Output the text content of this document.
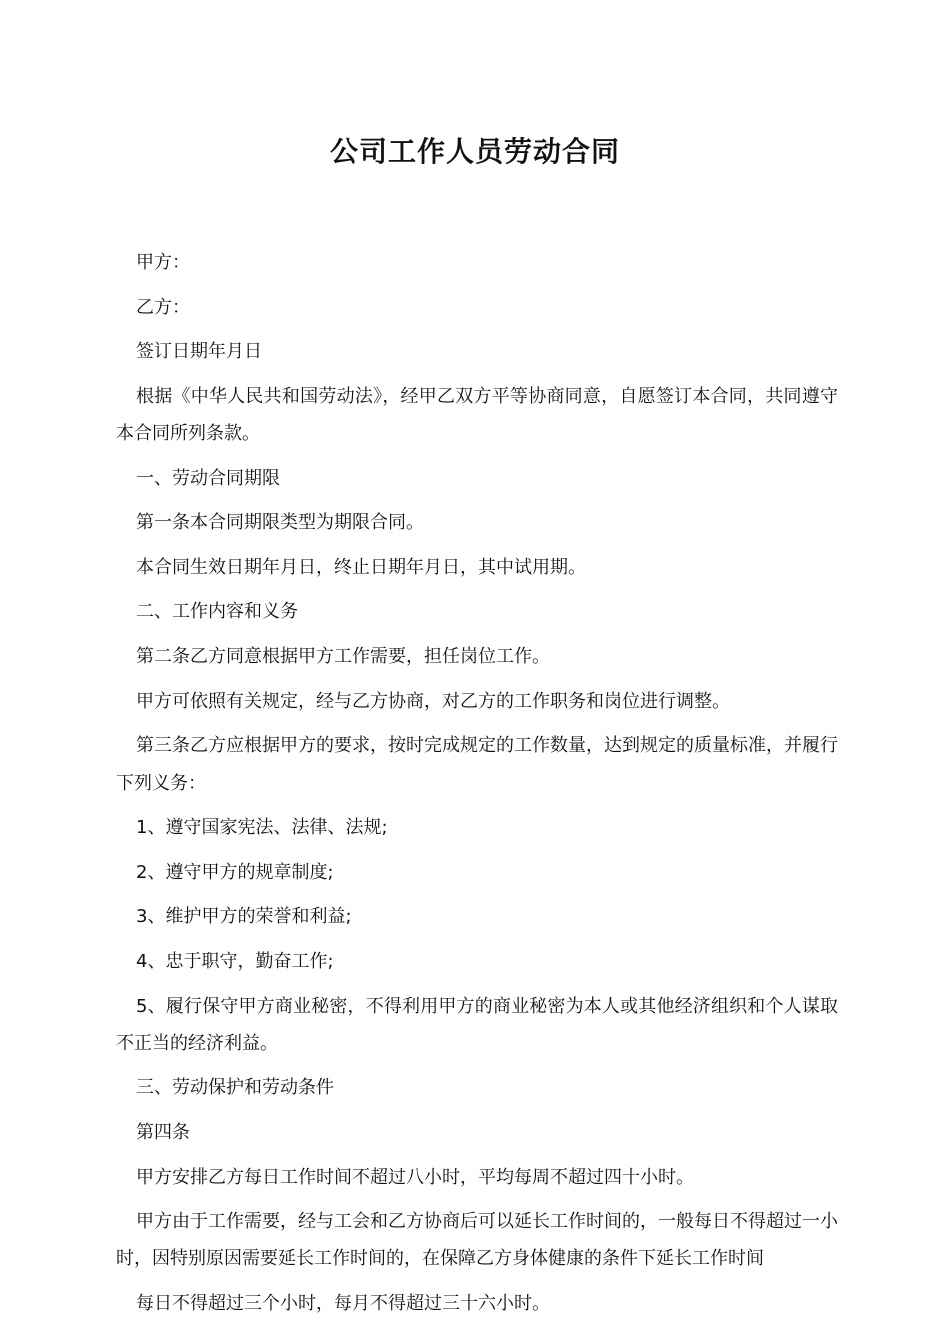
公司工作人员劳动合同

甲方：

乙方：

签订日期年月日

根据《中华人民共和国劳动法》，经甲乙双方平等协商同意，自愿签订本合同，共同遵守本合同所列条款。

一、劳动合同期限

第一条本合同期限类型为期限合同。

本合同生效日期年月日，终止日期年月日，其中试用期。

二、工作内容和义务

第二条乙方同意根据甲方工作需要，担任岗位工作。

甲方可依照有关规定，经与乙方协商，对乙方的工作职务和岗位进行调整。

第三条乙方应根据甲方的要求，按时完成规定的工作数量，达到规定的质量标准，并履行下列义务：

1、遵守国家宪法、法律、法规;

2、遵守甲方的规章制度;

3、维护甲方的荣誉和利益;

4、忠于职守，勤奋工作;

5、履行保守甲方商业秘密，不得利用甲方的商业秘密为本人或其他经济组织和个人谋取不正当的经济利益。

三、劳动保护和劳动条件

第四条

甲方安排乙方每日工作时间不超过八小时，平均每周不超过四十小时。

甲方由于工作需要，经与工会和乙方协商后可以延长工作时间的，一般每日不得超过一小时，因特别原因需要延长工作时间的，在保障乙方身体健康的条件下延长工作时间

每日不得超过三个小时，每月不得超过三十六小时。
